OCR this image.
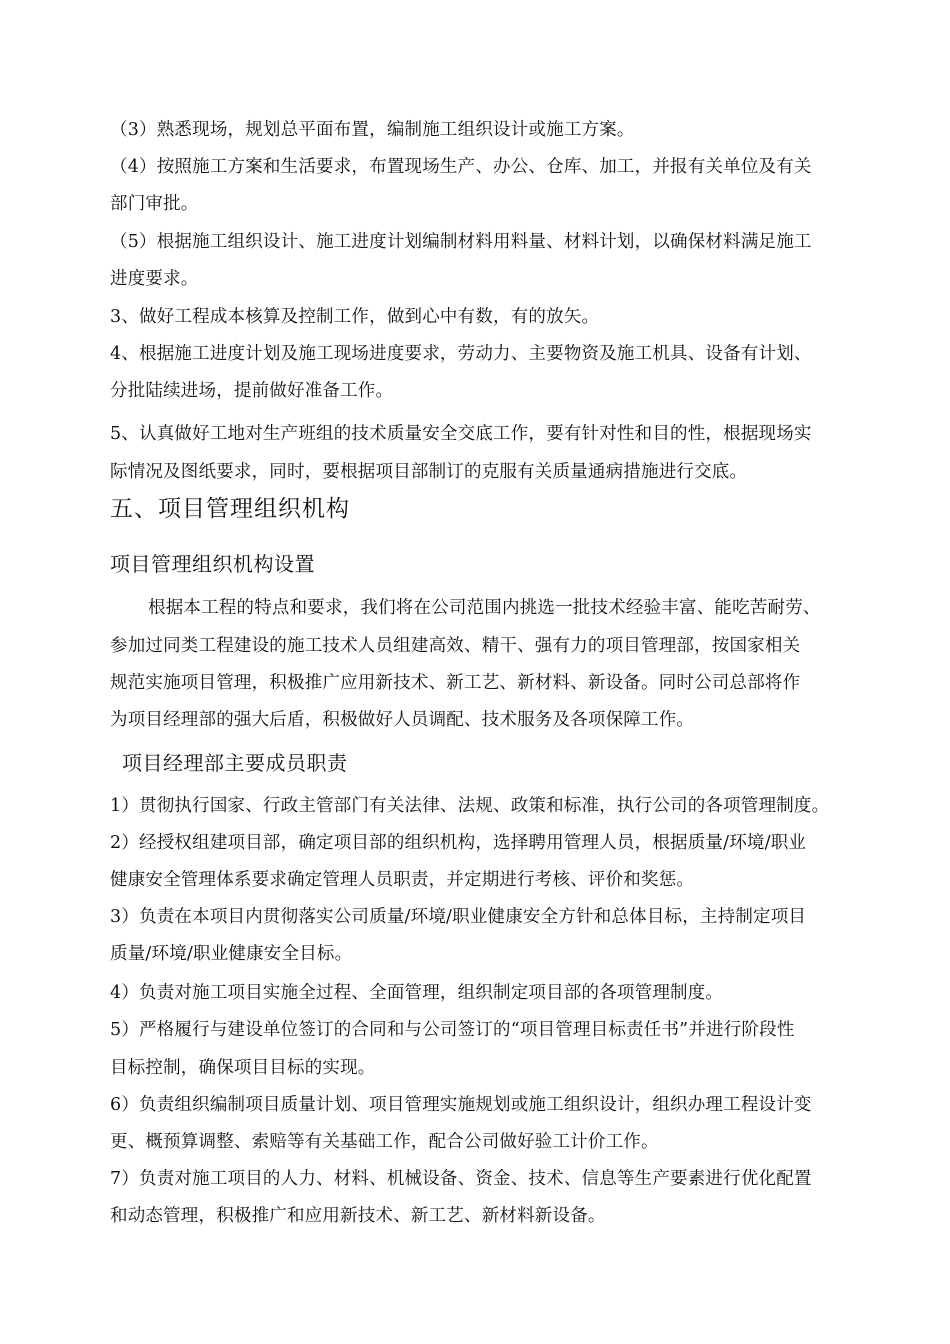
（3）熟悉现场，规划总平面布置，编制施工组织设计或施工方案。
（4）按照施工方案和生活要求，布置现场生产、办公、仓库、加工，并报有关单位及有关
部门审批。
（5）根据施工组织设计、施工进度计划编制材料用料量、材料计划，以确保材料满足施工
进度要求。
3、做好工程成本核算及控制工作，做到心中有数，有的放矢。
4、根据施工进度计划及施工现场进度要求，劳动力、主要物资及施工机具、设备有计划、
分批陆续进场，提前做好准备工作。
5、认真做好工地对生产班组的技术质量安全交底工作，要有针对性和目的性，根据现场实
际情况及图纸要求，同时，要根据项目部制订的克服有关质量通病措施进行交底。
五、项目管理组织机构
项目管理组织机构设置
根据本工程的特点和要求，我们将在公司范围内挑选一批技术经验丰富、能吃苦耐劳、
参加过同类工程建设的施工技术人员组建高效、精干、强有力的项目管理部，按国家相关
规范实施项目管理，积极推广应用新技术、新工艺、新材料、新设备。同时公司总部将作
为项目经理部的强大后盾，积极做好人员调配、技术服务及各项保障工作。
项目经理部主要成员职责
1）贯彻执行国家、行政主管部门有关法律、法规、政策和标准，执行公司的各项管理制度。
2）经授权组建项目部，确定项目部的组织机构，选择聘用管理人员，根据质量/环境/职业
健康安全管理体系要求确定管理人员职责，并定期进行考核、评价和奖惩。
3）负责在本项目内贯彻落实公司质量/环境/职业健康安全方针和总体目标，主持制定项目
质量/环境/职业健康安全目标。
4）负责对施工项目实施全过程、全面管理，组织制定项目部的各项管理制度。
5）严格履行与建设单位签订的合同和与公司签订的“项目管理目标责任书”并进行阶段性
目标控制，确保项目目标的实现。
6）负责组织编制项目质量计划、项目管理实施规划或施工组织设计，组织办理工程设计变
更、概预算调整、索赔等有关基础工作，配合公司做好验工计价工作。
7）负责对施工项目的人力、材料、机械设备、资金、技术、信息等生产要素进行优化配置
和动态管理，积极推广和应用新技术、新工艺、新材料新设备。
